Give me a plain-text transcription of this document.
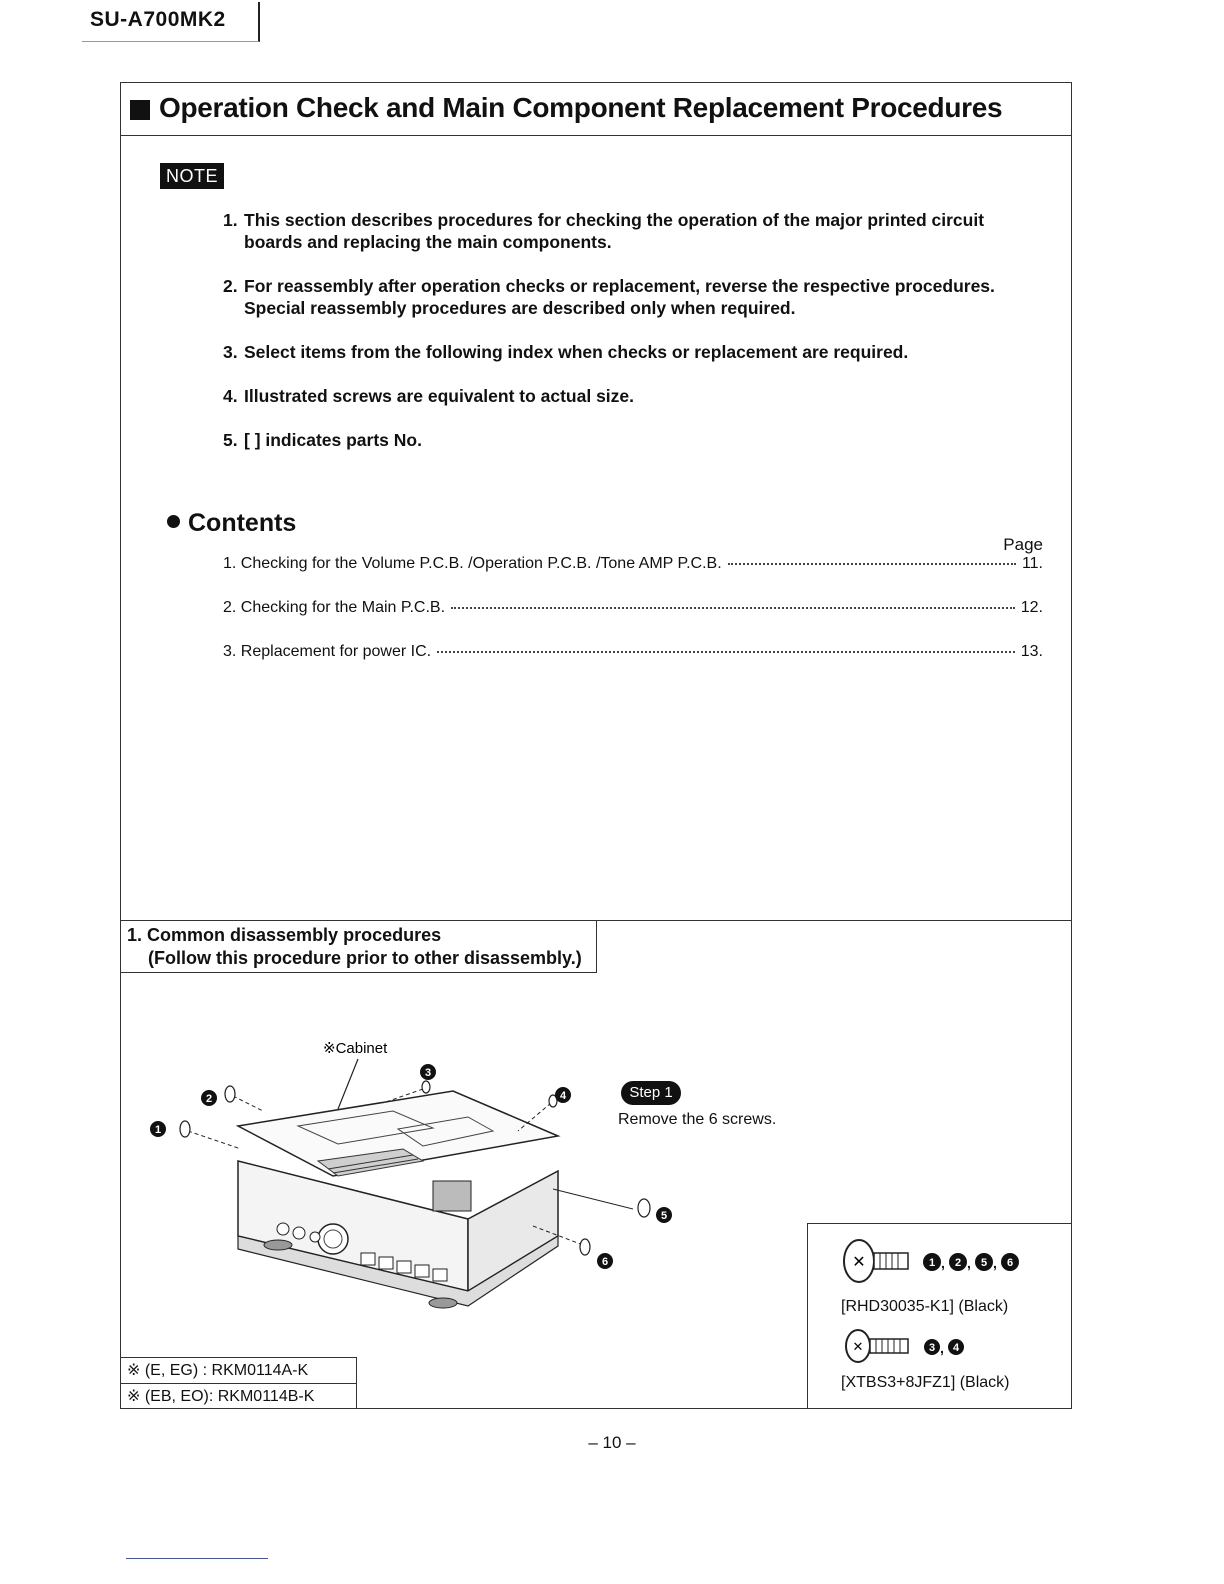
SU-A700MK2
Operation Check and Main Component Replacement Procedures
NOTE
1. This section describes procedures for checking the operation of the major printed circuit boards and replacing the main components.
2. For reassembly after operation checks or replacement, reverse the respective procedures. Special reassembly procedures are described only when required.
3. Select items from the following index when checks or replacement are required.
4. Illustrated screws are equivalent to actual size.
5. [ ] indicates parts No.
Contents
Page
1. Checking for the Volume P.C.B. /Operation P.C.B. /Tone AMP P.C.B.	11.
2. Checking for the Main P.C.B.	12.
3. Replacement for power IC.	13.
1. Common disassembly procedures
(Follow this procedure prior to other disassembly.)
※Cabinet
1
2
3
4
6
5
Step 1
Remove the 6 screws.
※ (E, EG) : RKM0114A-K
※ (EB, EO): RKM0114B-K
✕	1 , 2 , 5 , 6
[RHD30035-K1] (Black)
✕	3 , 4
[XTBS3+8JFZ1] (Black)
– 10 –
